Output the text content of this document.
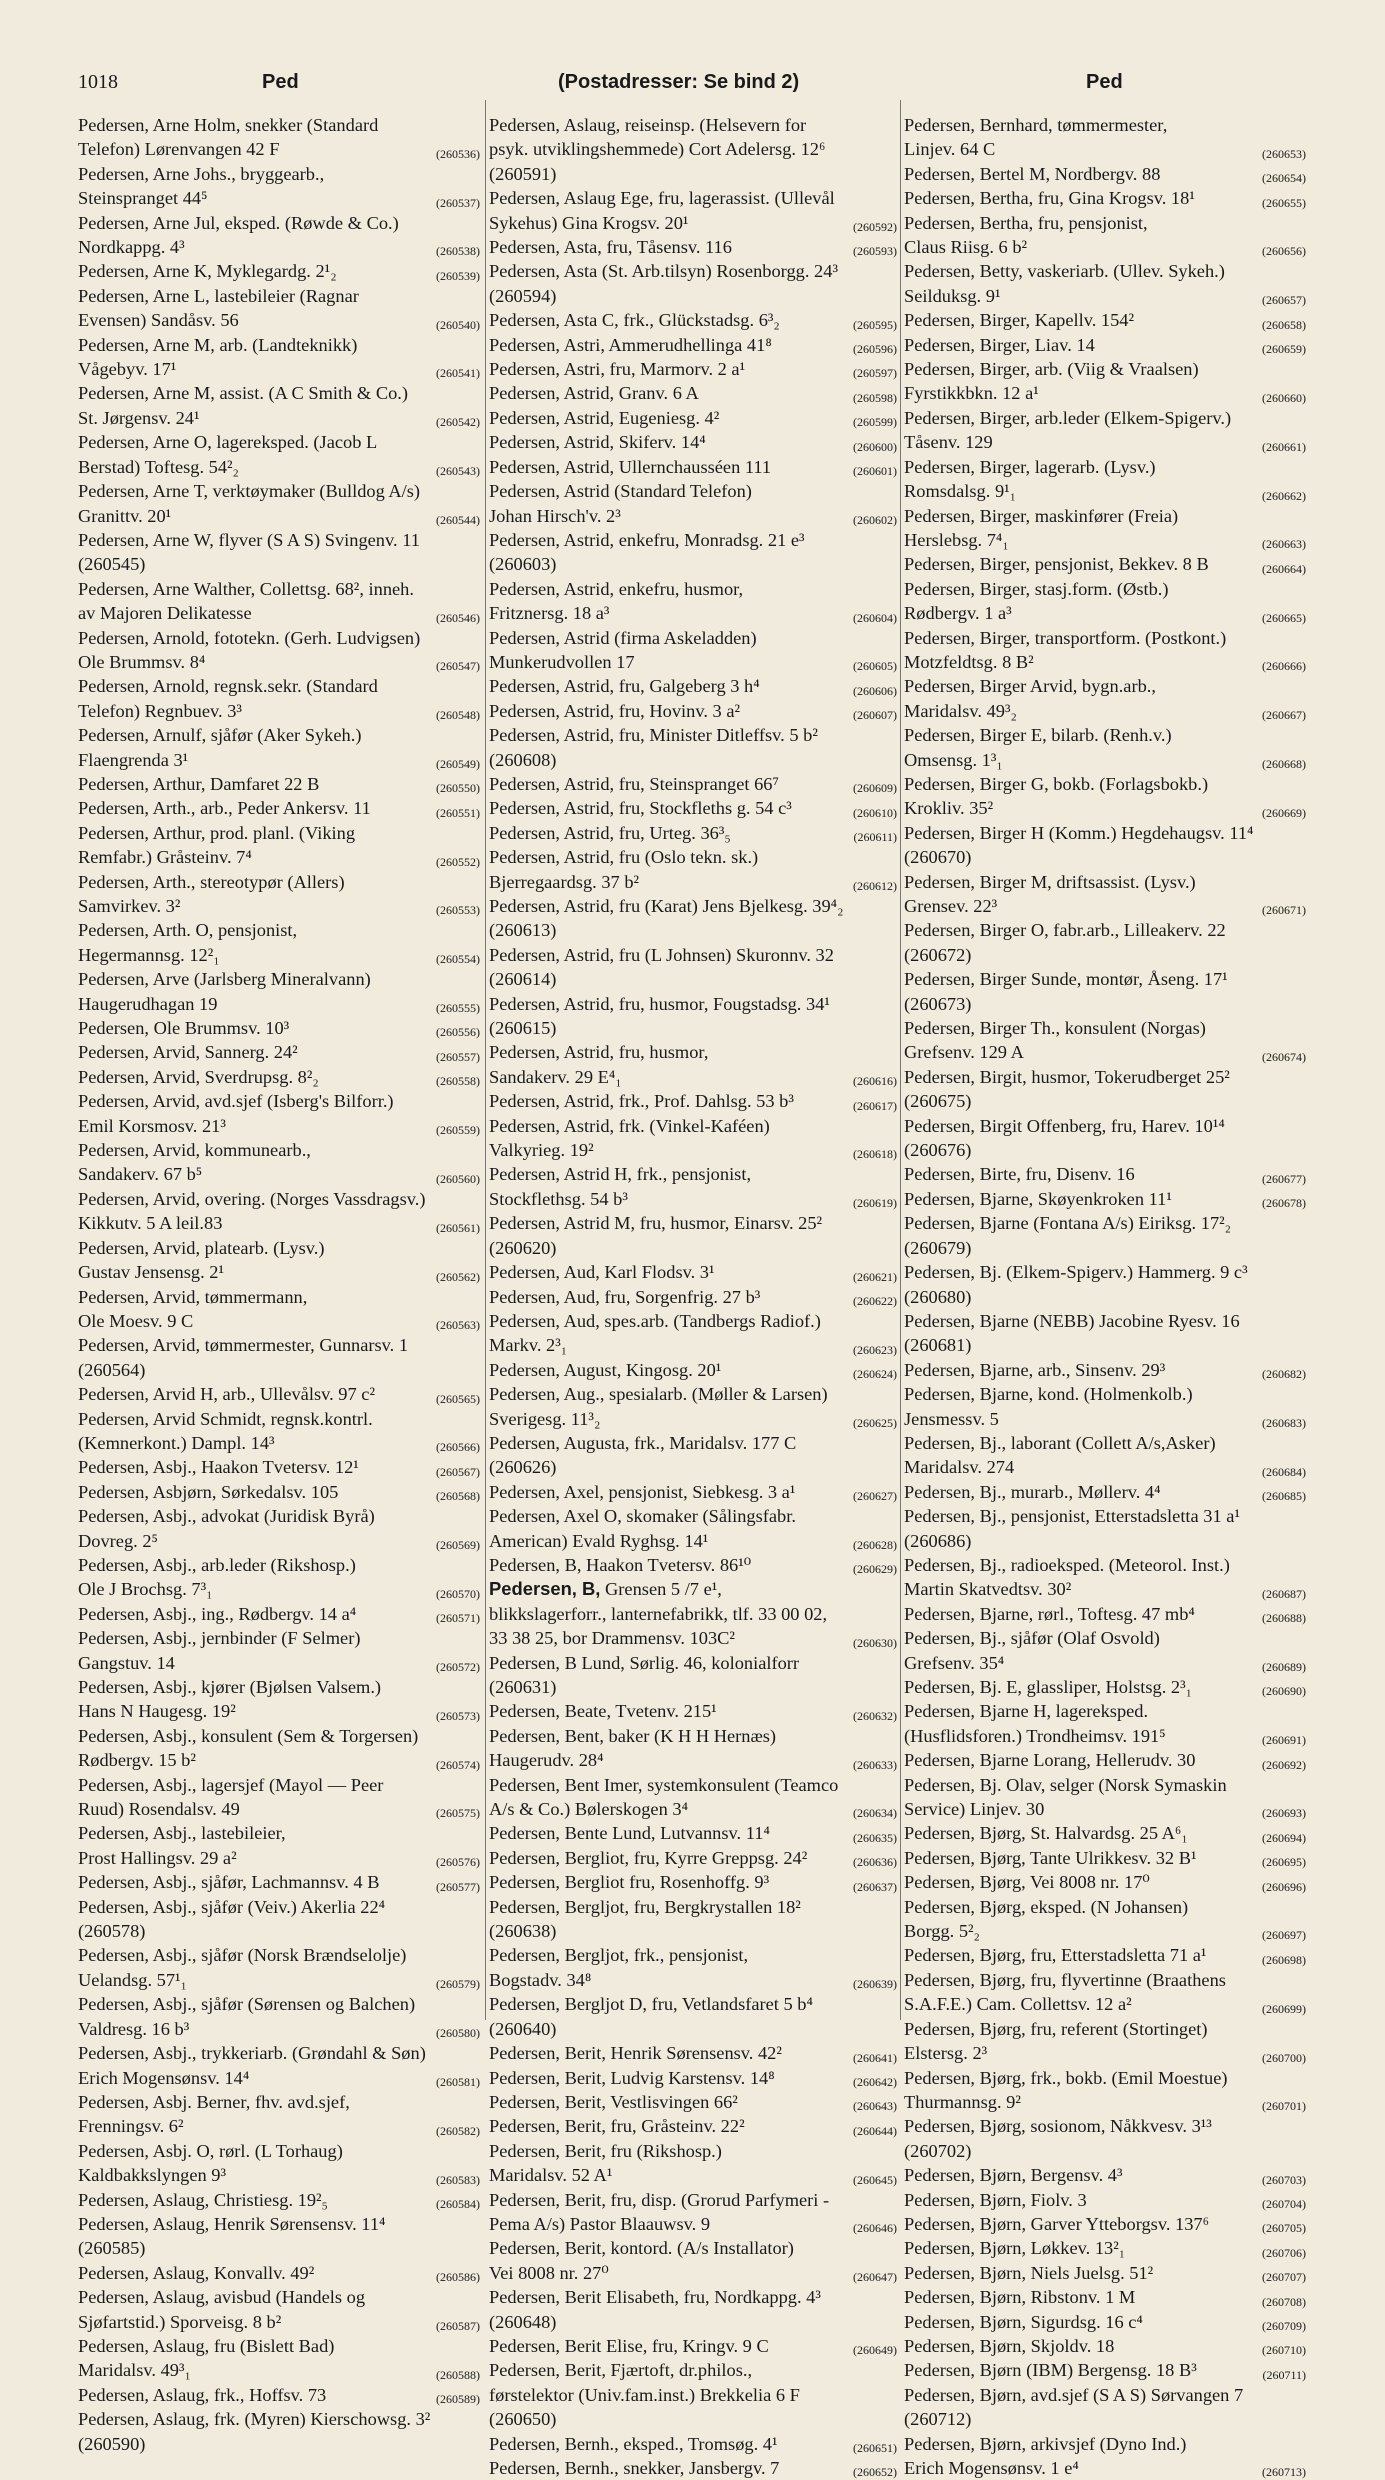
1018	Ped	(Postadresser: Se bind 2)	Ped
Pedersen, Arne Holm, snekker (Standard
Telefon) Lørenvangen 42 F	(260536)
Pedersen, Arne Johs., bryggearb.,
Steinspranget 44⁵	(260537)
Pedersen, Arne Jul, eksped. (Røwde & Co.)
Nordkappg. 4³	(260538)
Pedersen, Arne K, Myklegardg. 2¹₂	(260539)
Pedersen, Arne L, lastebileier (Ragnar
Evensen) Sandåsv. 56	(260540)
Pedersen, Arne M, arb. (Landteknikk)
Vågebyv. 17¹	(260541)
Pedersen, Arne M, assist. (A C Smith & Co.)
St. Jørgensv. 24¹	(260542)
Pedersen, Arne O, lagereksped. (Jacob L
Berstad) Toftesg. 54²₂	(260543)
Pedersen, Arne T, verktøymaker (Bulldog A/s)
Granittv. 20¹	(260544)
Pedersen, Arne W, flyver (S A S) Svingenv. 11
(260545)
Pedersen, Arne Walther, Collettsg. 68², inneh.
av Majoren Delikatesse	(260546)
Pedersen, Arnold, fototekn. (Gerh. Ludvigsen)
Ole Brummsv. 8⁴	(260547)
Pedersen, Arnold, regnsk.sekr. (Standard
Telefon) Regnbuev. 3³	(260548)
Pedersen, Arnulf, sjåfør (Aker Sykeh.)
Flaengrenda 3¹	(260549)
Pedersen, Arthur, Damfaret 22 B	(260550)
Pedersen, Arth., arb., Peder Ankersv. 11	(260551)
Pedersen, Arthur, prod. planl. (Viking
Remfabr.) Gråsteinv. 7⁴	(260552)
Pedersen, Arth., stereotypør (Allers)
Samvirkev. 3²	(260553)
Pedersen, Arth. O, pensjonist,
Hegermannsg. 12²₁	(260554)
Pedersen, Arve (Jarlsberg Mineralvann)
Haugerudhagan 19	(260555)
Pedersen, Ole Brummsv. 10³	(260556)
Pedersen, Arvid, Sannerg. 24²	(260557)
Pedersen, Arvid, Sverdrupsg. 8²₂	(260558)
Pedersen, Arvid, avd.sjef (Isberg's Bilforr.)
Emil Korsmosv. 21³	(260559)
Pedersen, Arvid, kommunearb.,
Sandakerv. 67 b⁵	(260560)
Pedersen, Arvid, overing. (Norges Vassdragsv.)
Kikkutv. 5 A leil.83	(260561)
Pedersen, Arvid, platearb. (Lysv.)
Gustav Jensensg. 2¹	(260562)
Pedersen, Arvid, tømmermann,
Ole Moesv. 9 C	(260563)
Pedersen, Arvid, tømmermester, Gunnarsv. 1
(260564)
Pedersen, Arvid H, arb., Ullevålsv. 97 c²	(260565)
Pedersen, Arvid Schmidt, regnsk.kontrl.
(Kemnerkont.) Dampl. 14³	(260566)
Pedersen, Asbj., Haakon Tvetersv. 12¹	(260567)
Pedersen, Asbjørn, Sørkedalsv. 105	(260568)
Pedersen, Asbj., advokat (Juridisk Byrå)
Dovreg. 2⁵	(260569)
Pedersen, Asbj., arb.leder (Rikshosp.)
Ole J Brochsg. 7³₁	(260570)
Pedersen, Asbj., ing., Rødbergv. 14 a⁴	(260571)
Pedersen, Asbj., jernbinder (F Selmer)
Gangstuv. 14	(260572)
Pedersen, Asbj., kjører (Bjølsen Valsem.)
Hans N Haugesg. 19²	(260573)
Pedersen, Asbj., konsulent (Sem & Torgersen)
Rødbergv. 15 b²	(260574)
Pedersen, Asbj., lagersjef (Mayol — Peer
Ruud) Rosendalsv. 49	(260575)
Pedersen, Asbj., lastebileier,
Prost Hallingsv. 29 a²	(260576)
Pedersen, Asbj., sjåfør, Lachmannsv. 4 B	(260577)
Pedersen, Asbj., sjåfør (Veiv.) Akerlia 22⁴
(260578)
Pedersen, Asbj., sjåfør (Norsk Brændselolje)
Uelandsg. 57¹₁	(260579)
Pedersen, Asbj., sjåfør (Sørensen og Balchen)
Valdresg. 16 b³	(260580)
Pedersen, Asbj., trykkeriarb. (Grøndahl & Søn)
Erich Mogensønsv. 14⁴	(260581)
Pedersen, Asbj. Berner, fhv. avd.sjef,
Frenningsv. 6²	(260582)
Pedersen, Asbj. O, rørl. (L Torhaug)
Kaldbakkslyngen 9³	(260583)
Pedersen, Aslaug, Christiesg. 19²₅	(260584)
Pedersen, Aslaug, Henrik Sørensensv. 11⁴
(260585)
Pedersen, Aslaug, Konvallv. 49²	(260586)
Pedersen, Aslaug, avisbud (Handels og
Sjøfartstid.) Sporveisg. 8 b²	(260587)
Pedersen, Aslaug, fru (Bislett Bad)
Maridalsv. 49³₁	(260588)
Pedersen, Aslaug, frk., Hoffsv. 73	(260589)
Pedersen, Aslaug, frk. (Myren) Kierschowsg. 3²
(260590)
Pedersen, Aslaug, reiseinsp. (Helsevern for
psyk. utviklingshemmede) Cort Adelersg. 12⁶
(260591)
Pedersen, Aslaug Ege, fru, lagerassist. (Ullevål
Sykehus) Gina Krogsv. 20¹	(260592)
Pedersen, Asta, fru, Tåsensv. 116	(260593)
Pedersen, Asta (St. Arb.tilsyn) Rosenborgg. 24³
(260594)
Pedersen, Asta C, frk., Glückstadsg. 6³₂	(260595)
Pedersen, Astri, Ammerudhellinga 41⁸	(260596)
Pedersen, Astri, fru, Marmorv. 2 a¹	(260597)
Pedersen, Astrid, Granv. 6 A	(260598)
Pedersen, Astrid, Eugeniesg. 4²	(260599)
Pedersen, Astrid, Skiferv. 14⁴	(260600)
Pedersen, Astrid, Ullernchausséen 111	(260601)
Pedersen, Astrid (Standard Telefon)
Johan Hirsch'v. 2³	(260602)
Pedersen, Astrid, enkefru, Monradsg. 21 e³
(260603)
Pedersen, Astrid, enkefru, husmor,
Fritznersg. 18 a³	(260604)
Pedersen, Astrid (firma Askeladden)
Munkerudvollen 17	(260605)
Pedersen, Astrid, fru, Galgeberg 3 h⁴	(260606)
Pedersen, Astrid, fru, Hovinv. 3 a²	(260607)
Pedersen, Astrid, fru, Minister Ditleffsv. 5 b²
(260608)
Pedersen, Astrid, fru, Steinspranget 66⁷	(260609)
Pedersen, Astrid, fru, Stockfleths g. 54 c³	(260610)
Pedersen, Astrid, fru, Urteg. 36³₅	(260611)
Pedersen, Astrid, fru (Oslo tekn. sk.)
Bjerregaardsg. 37 b²	(260612)
Pedersen, Astrid, fru (Karat) Jens Bjelkesg. 39⁴₂
(260613)
Pedersen, Astrid, fru (L Johnsen) Skuronnv. 32
(260614)
Pedersen, Astrid, fru, husmor, Fougstadsg. 34¹
(260615)
Pedersen, Astrid, fru, husmor,
Sandakerv. 29 E⁴₁	(260616)
Pedersen, Astrid, frk., Prof. Dahlsg. 53 b³	(260617)
Pedersen, Astrid, frk. (Vinkel-Kaféen)
Valkyrieg. 19²	(260618)
Pedersen, Astrid H, frk., pensjonist,
Stockflethsg. 54 b³	(260619)
Pedersen, Astrid M, fru, husmor, Einarsv. 25²
(260620)
Pedersen, Aud, Karl Flodsv. 3¹	(260621)
Pedersen, Aud, fru, Sorgenfrig. 27 b³	(260622)
Pedersen, Aud, spes.arb. (Tandbergs Radiof.)
Markv. 2³₁	(260623)
Pedersen, August, Kingosg. 20¹	(260624)
Pedersen, Aug., spesialarb. (Møller & Larsen)
Sverigesg. 11³₂	(260625)
Pedersen, Augusta, frk., Maridalsv. 177 C
(260626)
Pedersen, Axel, pensjonist, Siebkesg. 3 a¹	(260627)
Pedersen, Axel O, skomaker (Sålingsfabr.
American) Evald Ryghsg. 14¹	(260628)
Pedersen, B, Haakon Tvetersv. 86¹⁰	(260629)
Pedersen, B, Grensen 5 /7 e¹,
blikkslagerforr., lanternefabrikk, tlf. 33 00 02,
33 38 25, bor Drammensv. 103C²	(260630)
Pedersen, B Lund, Sørlig. 46, kolonialforr
(260631)
Pedersen, Beate, Tvetenv. 215¹	(260632)
Pedersen, Bent, baker (K H H Hernæs)
Haugerudv. 28⁴	(260633)
Pedersen, Bent Imer, systemkonsulent (Teamco
A/s & Co.) Bølerskogen 3⁴	(260634)
Pedersen, Bente Lund, Lutvannsv. 11⁴	(260635)
Pedersen, Bergliot, fru, Kyrre Greppsg. 24²	(260636)
Pedersen, Bergliot fru, Rosenhoffg. 9³	(260637)
Pedersen, Bergljot, fru, Bergkrystallen 18²
(260638)
Pedersen, Bergljot, frk., pensjonist,
Bogstadv. 34⁸	(260639)
Pedersen, Bergljot D, fru, Vetlandsfaret 5 b⁴
(260640)
Pedersen, Berit, Henrik Sørensensv. 42²	(260641)
Pedersen, Berit, Ludvig Karstensv. 14⁸	(260642)
Pedersen, Berit, Vestlisvingen 66²	(260643)
Pedersen, Berit, fru, Gråsteinv. 22²	(260644)
Pedersen, Berit, fru (Rikshosp.)
Maridalsv. 52 A¹	(260645)
Pedersen, Berit, fru, disp. (Grorud Parfymeri -
Pema A/s) Pastor Blaauwsv. 9	(260646)
Pedersen, Berit, kontord. (A/s Installator)
Vei 8008 nr. 27⁰	(260647)
Pedersen, Berit Elisabeth, fru, Nordkappg. 4³
(260648)
Pedersen, Berit Elise, fru, Kringv. 9 C	(260649)
Pedersen, Berit, Fjærtoft, dr.philos.,
førstelektor (Univ.fam.inst.) Brekkelia 6 F
(260650)
Pedersen, Bernh., eksped., Tromsøg. 4¹	(260651)
Pedersen, Bernh., snekker, Jansbergv. 7	(260652)
Pedersen, Bernhard, tømmermester,
Linjev. 64 C	(260653)
Pedersen, Bertel M, Nordbergv. 88	(260654)
Pedersen, Bertha, fru, Gina Krogsv. 18¹	(260655)
Pedersen, Bertha, fru, pensjonist,
Claus Riisg. 6 b²	(260656)
Pedersen, Betty, vaskeriarb. (Ullev. Sykeh.)
Seilduksg. 9¹	(260657)
Pedersen, Birger, Kapellv. 154²	(260658)
Pedersen, Birger, Liav. 14	(260659)
Pedersen, Birger, arb. (Viig & Vraalsen)
Fyrstikkbkn. 12 a¹	(260660)
Pedersen, Birger, arb.leder (Elkem-Spigerv.)
Tåsenv. 129	(260661)
Pedersen, Birger, lagerarb. (Lysv.)
Romsdalsg. 9¹₁	(260662)
Pedersen, Birger, maskinfører (Freia)
Herslebsg. 7⁴₁	(260663)
Pedersen, Birger, pensjonist, Bekkev. 8 B	(260664)
Pedersen, Birger, stasj.form. (Østb.)
Rødbergv. 1 a³	(260665)
Pedersen, Birger, transportform. (Postkont.)
Motzfeldtsg. 8 B²	(260666)
Pedersen, Birger Arvid, bygn.arb.,
Maridalsv. 49³₂	(260667)
Pedersen, Birger E, bilarb. (Renh.v.)
Omsensg. 1³₁	(260668)
Pedersen, Birger G, bokb. (Forlagsbokb.)
Krokliv. 35²	(260669)
Pedersen, Birger H (Komm.) Hegdehaugsv. 11⁴
(260670)
Pedersen, Birger M, driftsassist. (Lysv.)
Grensev. 22³	(260671)
Pedersen, Birger O, fabr.arb., Lilleakerv. 22
(260672)
Pedersen, Birger Sunde, montør, Åseng. 17¹
(260673)
Pedersen, Birger Th., konsulent (Norgas)
Grefsenv. 129 A	(260674)
Pedersen, Birgit, husmor, Tokerudberget 25²
(260675)
Pedersen, Birgit Offenberg, fru, Harev. 10¹⁴
(260676)
Pedersen, Birte, fru, Disenv. 16	(260677)
Pedersen, Bjarne, Skøyenkroken 11¹	(260678)
Pedersen, Bjarne (Fontana A/s) Eiriksg. 17²₂
(260679)
Pedersen, Bj. (Elkem-Spigerv.) Hammerg. 9 c³
(260680)
Pedersen, Bjarne (NEBB) Jacobine Ryesv. 16
(260681)
Pedersen, Bjarne, arb., Sinsenv. 29³	(260682)
Pedersen, Bjarne, kond. (Holmenkolb.)
Jensmessv. 5	(260683)
Pedersen, Bj., laborant (Collett A/s,Asker)
Maridalsv. 274	(260684)
Pedersen, Bj., murarb., Møllerv. 4⁴	(260685)
Pedersen, Bj., pensjonist, Etterstadsletta 31 a¹
(260686)
Pedersen, Bj., radioeksped. (Meteorol. Inst.)
Martin Skatvedtsv. 30²	(260687)
Pedersen, Bjarne, rørl., Toftesg. 47 mb⁴	(260688)
Pedersen, Bj., sjåfør (Olaf Osvold)
Grefsenv. 35⁴	(260689)
Pedersen, Bj. E, glassliper, Holstsg. 2³₁	(260690)
Pedersen, Bjarne H, lagereksped.
(Husflidsforen.) Trondheimsv. 191⁵	(260691)
Pedersen, Bjarne Lorang, Hellerudv. 30	(260692)
Pedersen, Bj. Olav, selger (Norsk Symaskin
Service) Linjev. 30	(260693)
Pedersen, Bjørg, St. Halvardsg. 25 A⁶₁	(260694)
Pedersen, Bjørg, Tante Ulrikkesv. 32 B¹	(260695)
Pedersen, Bjørg, Vei 8008 nr. 17⁰	(260696)
Pedersen, Bjørg, eksped. (N Johansen)
Borgg. 5²₂	(260697)
Pedersen, Bjørg, fru, Etterstadsletta 71 a¹	(260698)
Pedersen, Bjørg, fru, flyvertinne (Braathens
S.A.F.E.) Cam. Collettsv. 12 a²	(260699)
Pedersen, Bjørg, fru, referent (Stortinget)
Elstersg. 2³	(260700)
Pedersen, Bjørg, frk., bokb. (Emil Moestue)
Thurmannsg. 9²	(260701)
Pedersen, Bjørg, sosionom, Nåkkvesv. 3¹³
(260702)
Pedersen, Bjørn, Bergensv. 4³	(260703)
Pedersen, Bjørn, Fiolv. 3	(260704)
Pedersen, Bjørn, Garver Ytteborgsv. 137⁶	(260705)
Pedersen, Bjørn, Løkkev. 13²₁	(260706)
Pedersen, Bjørn, Niels Juelsg. 51²	(260707)
Pedersen, Bjørn, Ribstonv. 1 M	(260708)
Pedersen, Bjørn, Sigurdsg. 16 c⁴	(260709)
Pedersen, Bjørn, Skjoldv. 18	(260710)
Pedersen, Bjørn (IBM) Bergensg. 18 B³	(260711)
Pedersen, Bjørn, avd.sjef (S A S) Sørvangen 7
(260712)
Pedersen, Bjørn, arkivsjef (Dyno Ind.)
Erich Mogensønsv. 1 e⁴	(260713)
